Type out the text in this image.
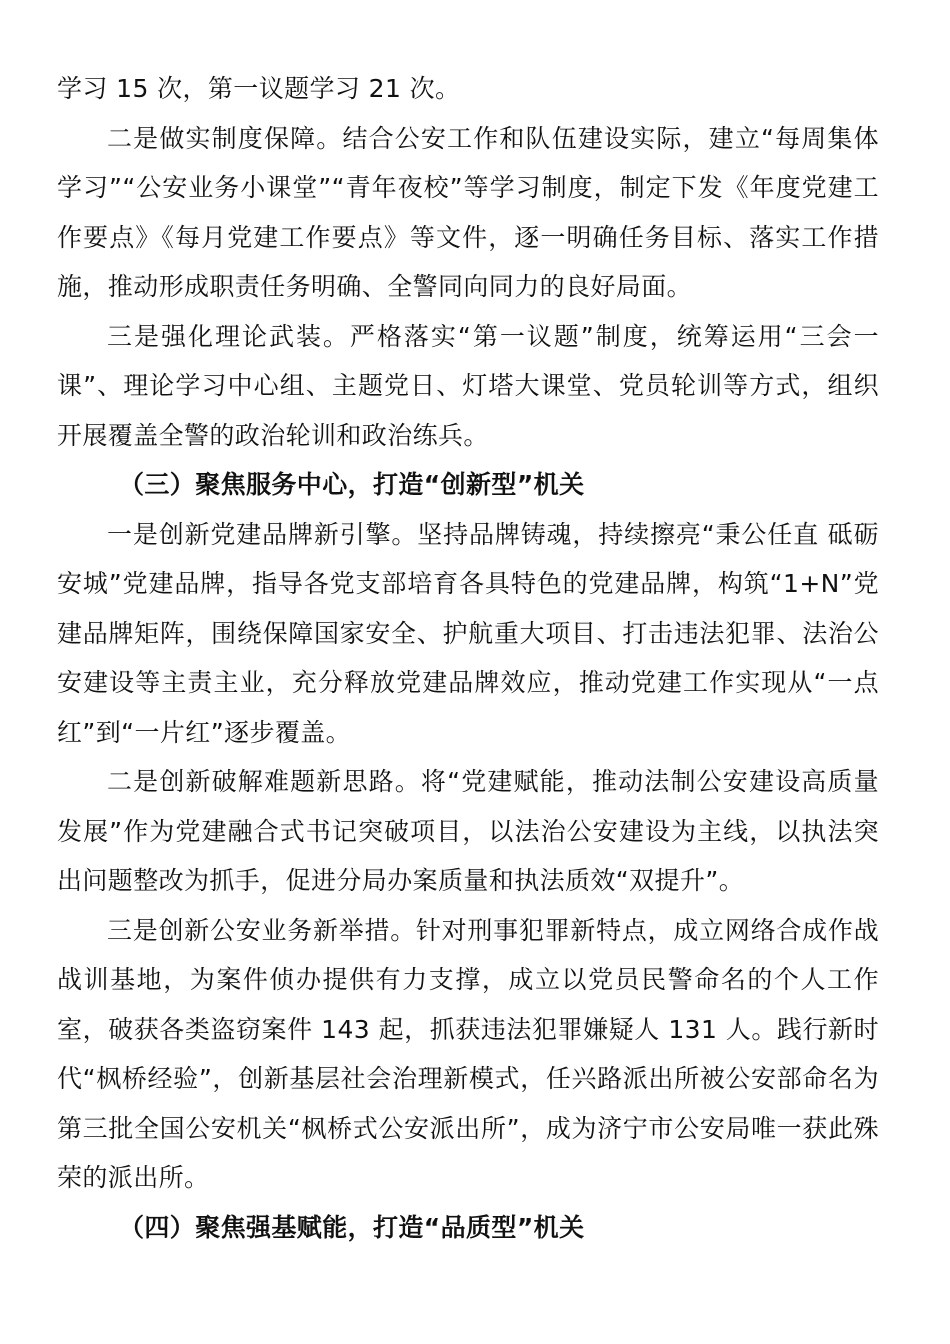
学习 15 次，第一议题学习 21 次。

二是做实制度保障。结合公安工作和队伍建设实际，建立“每周集体学习”“公安业务小课堂”“青年夜校”等学习制度，制定下发《年度党建工作要点》《每月党建工作要点》等文件，逐一明确任务目标、落实工作措施，推动形成职责任务明确、全警同向同力的良好局面。

三是强化理论武装。严格落实“第一议题”制度，统筹运用“三会一课”、理论学习中心组、主题党日、灯塔大课堂、党员轮训等方式，组织开展覆盖全警的政治轮训和政治练兵。

（三）聚焦服务中心，打造“创新型”机关

一是创新党建品牌新引擎。坚持品牌铸魂，持续擦亮“秉公任直 砥砺安城”党建品牌，指导各党支部培育各具特色的党建品牌，构筑“1+N”党建品牌矩阵，围绕保障国家安全、护航重大项目、打击违法犯罪、法治公安建设等主责主业，充分释放党建品牌效应，推动党建工作实现从“一点红”到“一片红”逐步覆盖。

二是创新破解难题新思路。将“党建赋能，推动法制公安建设高质量发展”作为党建融合式书记突破项目，以法治公安建设为主线，以执法突出问题整改为抓手，促进分局办案质量和执法质效“双提升”。

三是创新公安业务新举措。针对刑事犯罪新特点，成立网络合成作战战训基地，为案件侦办提供有力支撑，成立以党员民警命名的个人工作室，破获各类盗窃案件 143 起，抓获违法犯罪嫌疑人 131 人。践行新时代“枫桥经验”，创新基层社会治理新模式，任兴路派出所被公安部命名为第三批全国公安机关“枫桥式公安派出所”，成为济宁市公安局唯一获此殊荣的派出所。

（四）聚焦强基赋能，打造“品质型”机关
